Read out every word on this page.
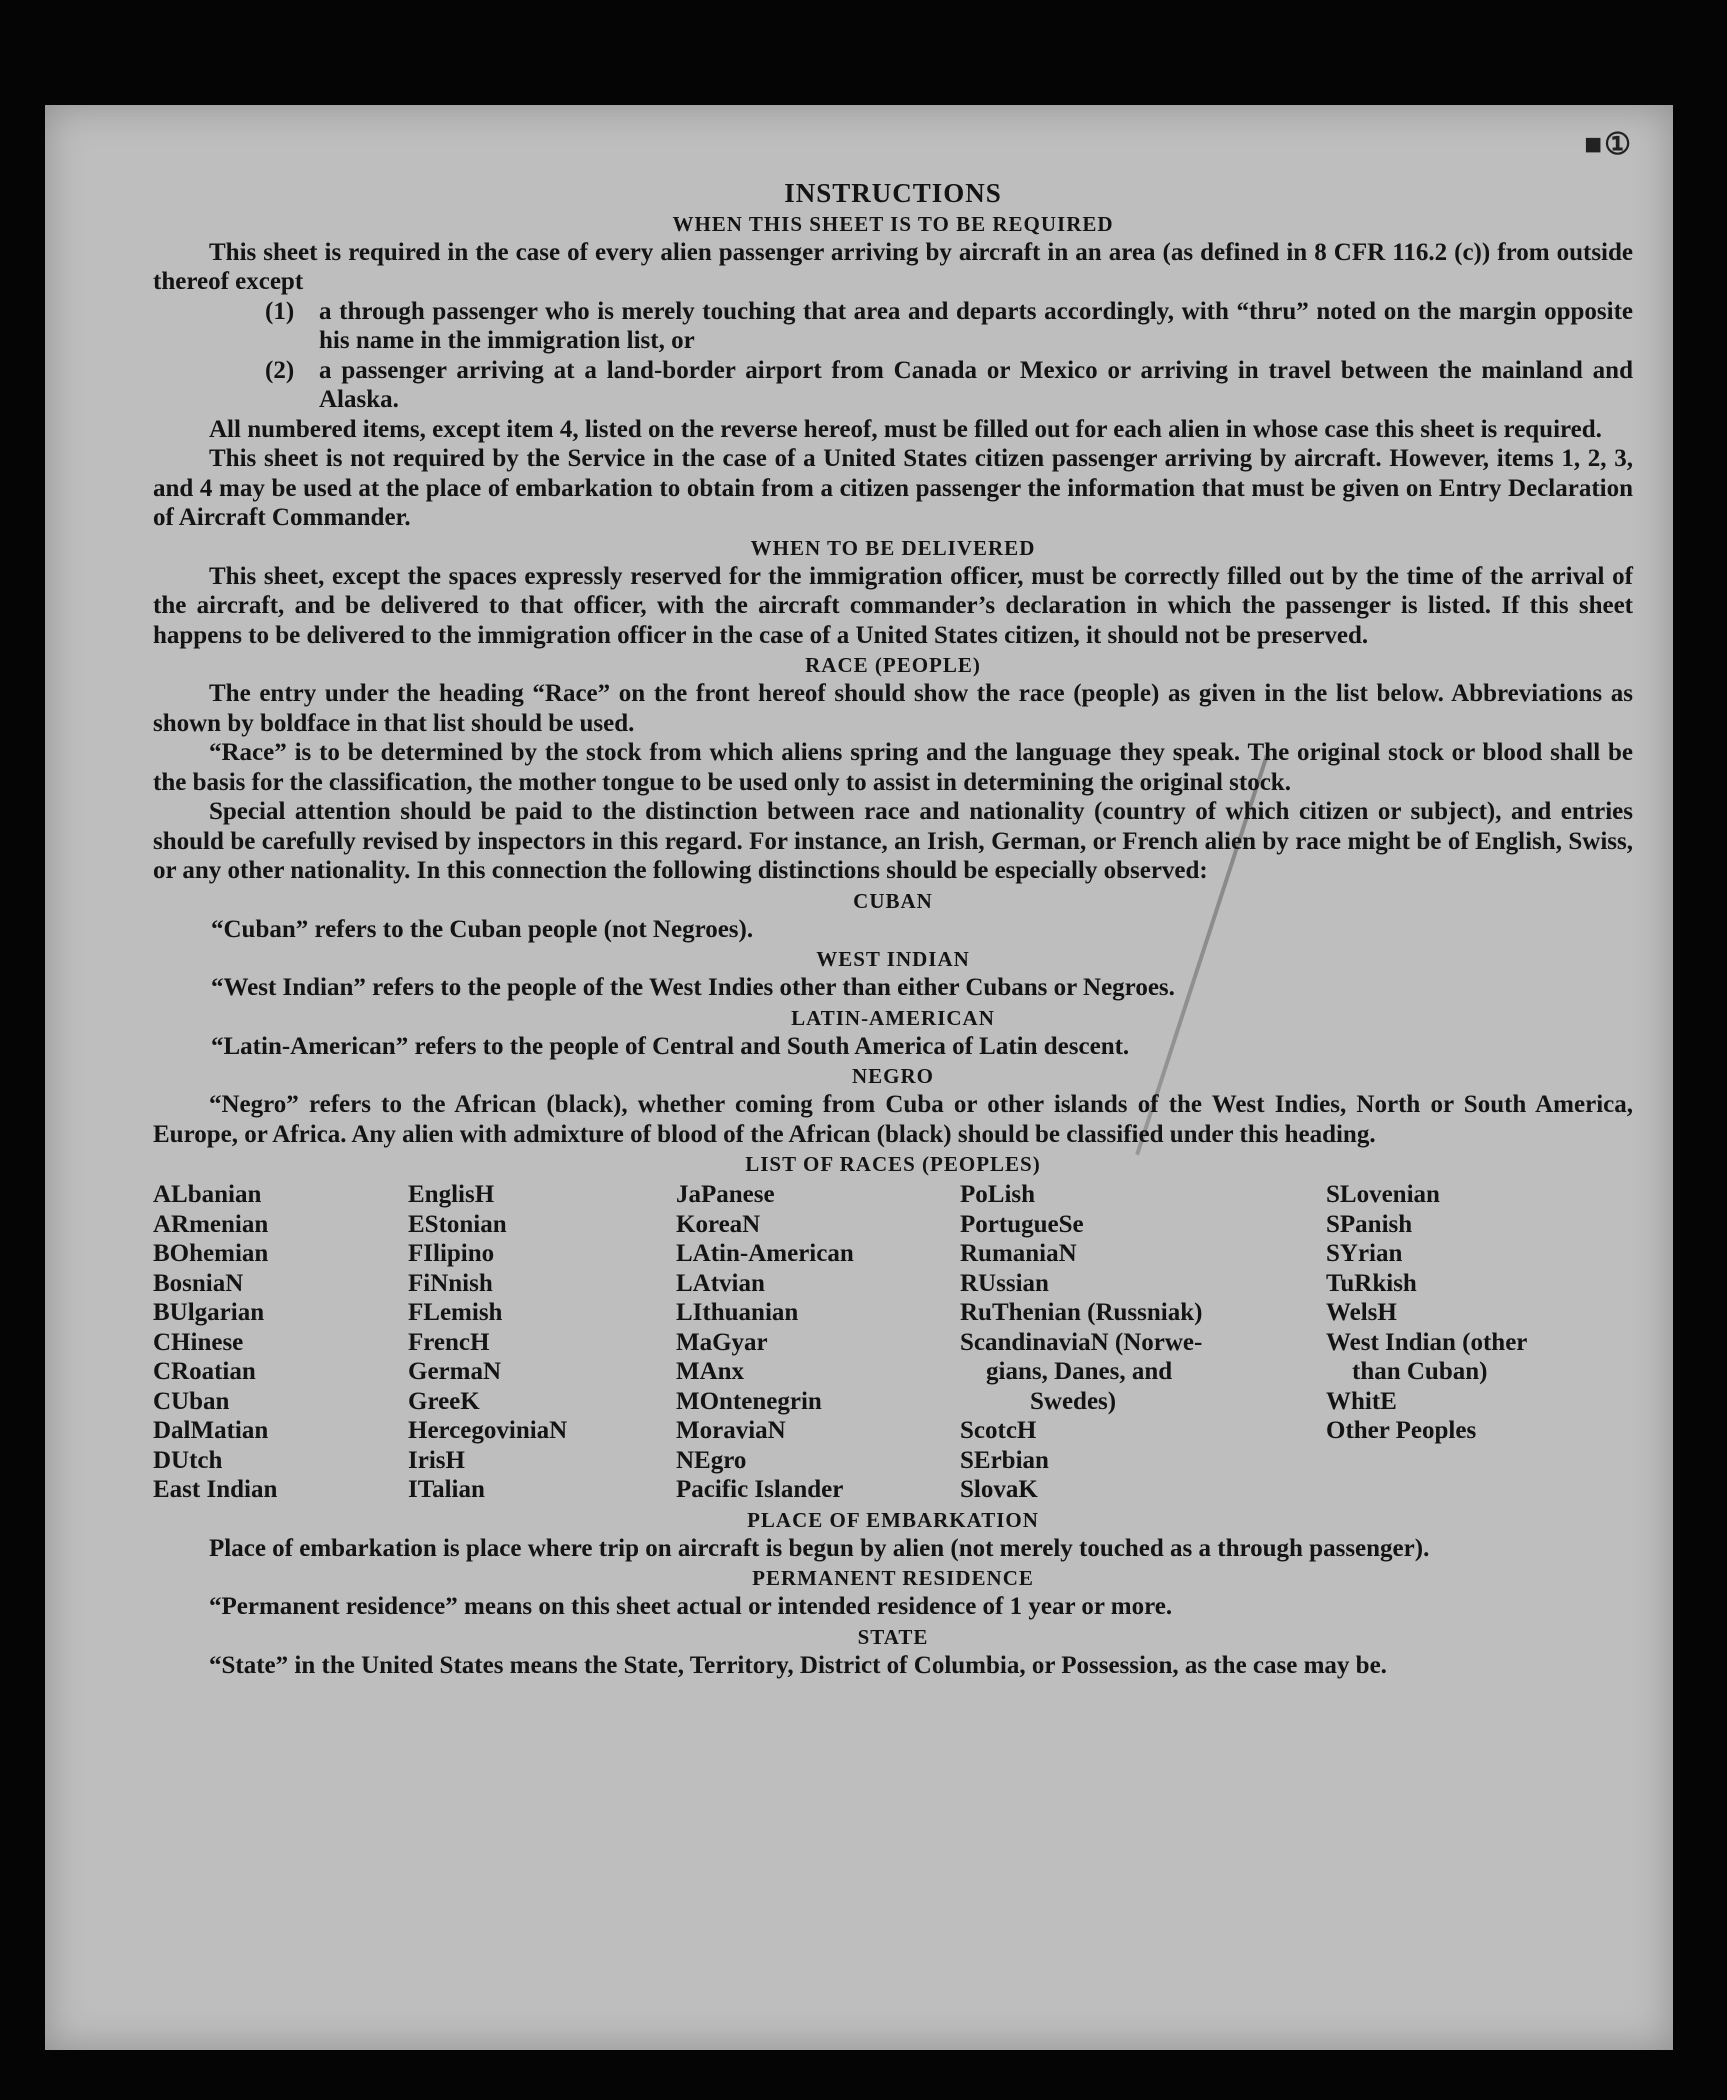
■①
INSTRUCTIONS
WHEN THIS SHEET IS TO BE REQUIRED

This sheet is required in the case of every alien passenger arriving by aircraft in an area (as defined in 8 CFR 116.2 (c)) from outside thereof except

(1) a through passenger who is merely touching that area and departs accordingly, with “thru” noted on the margin opposite his name in the immigration list, or

(2) a passenger arriving at a land-border airport from Canada or Mexico or arriving in travel between the mainland and Alaska.

All numbered items, except item 4, listed on the reverse hereof, must be filled out for each alien in whose case this sheet is required.

This sheet is not required by the Service in the case of a United States citizen passenger arriving by aircraft. However, items 1, 2, 3, and 4 may be used at the place of embarkation to obtain from a citizen passenger the information that must be given on Entry Declaration of Aircraft Commander.

WHEN TO BE DELIVERED

This sheet, except the spaces expressly reserved for the immigration officer, must be correctly filled out by the time of the arrival of the aircraft, and be delivered to that officer, with the aircraft commander’s declaration in which the passenger is listed. If this sheet happens to be delivered to the immigration officer in the case of a United States citizen, it should not be preserved.

RACE (PEOPLE)

The entry under the heading “Race” on the front hereof should show the race (people) as given in the list below. Abbreviations as shown by boldface in that list should be used.

“Race” is to be determined by the stock from which aliens spring and the language they speak. The original stock or blood shall be the basis for the classification, the mother tongue to be used only to assist in determining the original stock.

Special attention should be paid to the distinction between race and nationality (country of which citizen or subject), and entries should be carefully revised by inspectors in this regard. For instance, an Irish, German, or French alien by race might be of English, Swiss, or any other nationality. In this connection the following distinctions should be especially observed:

CUBAN

“Cuban” refers to the Cuban people (not Negroes).

WEST INDIAN

“West Indian” refers to the people of the West Indies other than either Cubans or Negroes.

LATIN-AMERICAN

“Latin-American” refers to the people of Central and South America of Latin descent.

NEGRO

“Negro” refers to the African (black), whether coming from Cuba or other islands of the West Indies, North or South America, Europe, or Africa. Any alien with admixture of blood of the African (black) should be classified under this heading.

LIST OF RACES (PEOPLES)
ALbanian
ARmenian
BOhemian
BosniaN
BUlgarian
CHinese
CRoatian
CUban
DalMatian
DUtch
East Indian
EnglisH
EStonian
FIlipino
FiNnish
FLemish
FrencH
GermaN
GreeK
HercegoviniaN
IrisH
ITalian
JaPanese
KoreaN
LAtin-American
LAtvian
LIthuanian
MaGyar
MAnx
MOntenegrin
MoraviaN
NEgro
Pacific Islander
PoLish
PortugueSe
RumaniaN
RUssian
RuThenian (Russniak)
ScandinaviaN (Norwe-
gians, Danes, and
Swedes)
ScotcH
SErbian
SlovaK
SLovenian
SPanish
SYrian
TuRkish
WelsH
West Indian (other
than Cuban)
WhitE
Other Peoples
PLACE OF EMBARKATION

Place of embarkation is place where trip on aircraft is begun by alien (not merely touched as a through passenger).

PERMANENT RESIDENCE

“Permanent residence” means on this sheet actual or intended residence of 1 year or more.

STATE

“State” in the United States means the State, Territory, District of Columbia, or Possession, as the case may be.
